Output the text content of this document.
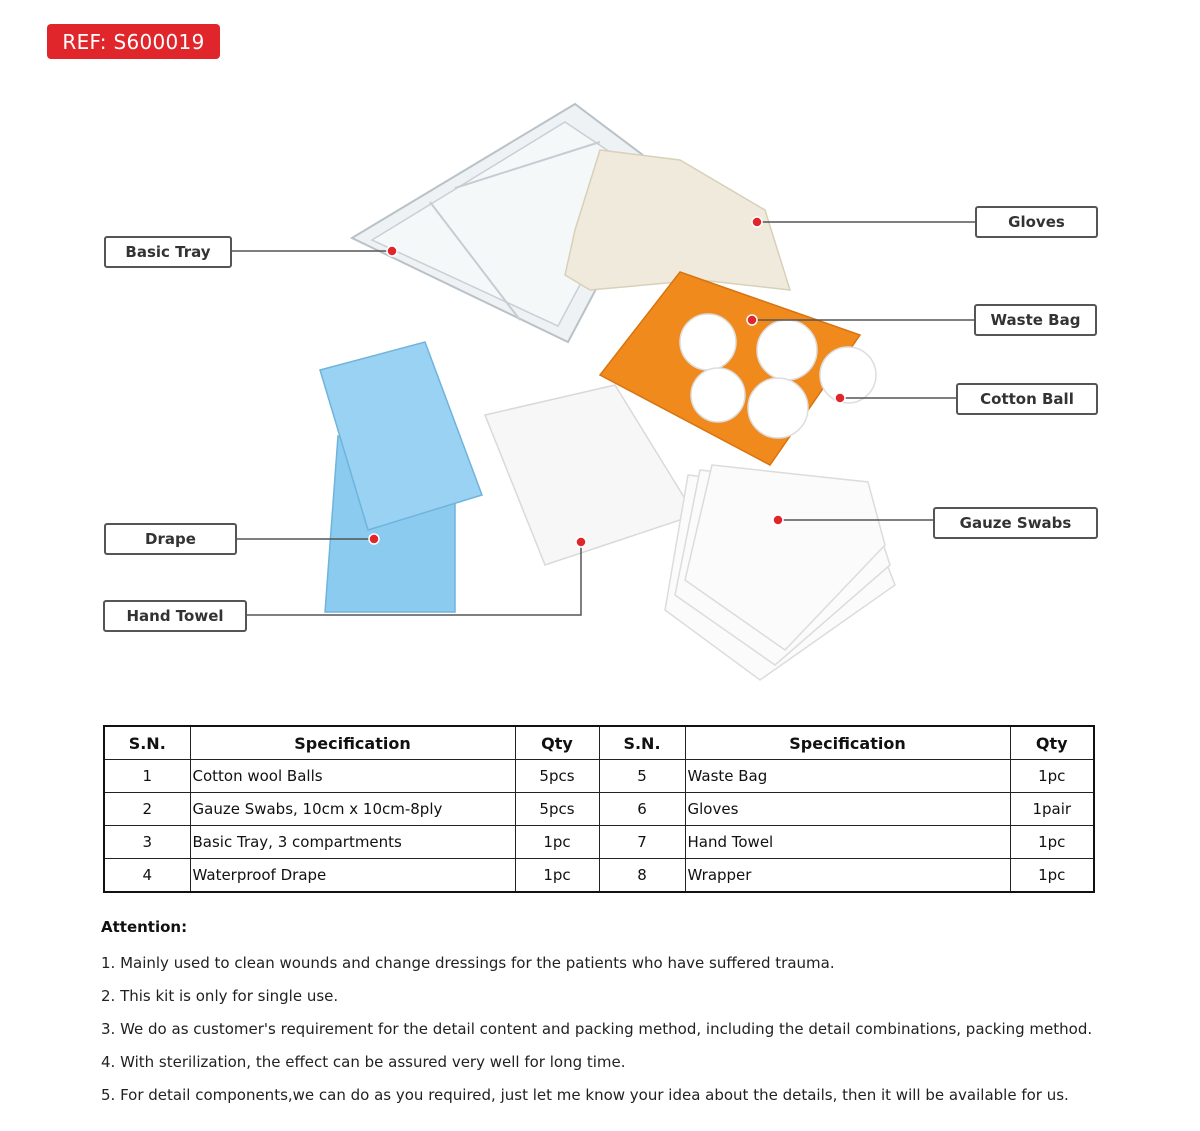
REF: S600019
Basic Tray
Drape
Hand Towel
Gloves
Waste Bag
Cotton Ball
Gauze Swabs
S.N.	Specification	Qty	S.N.	Specification	Qty
1	Cotton wool Balls	5pcs	5	Waste Bag	1pc
2	Gauze Swabs, 10cm x 10cm-8ply	5pcs	6	Gloves	1pair
3	Basic Tray, 3 compartments	1pc	7	Hand Towel	1pc
4	Waterproof Drape	1pc	8	Wrapper	1pc
Attention:

1. Mainly used to clean wounds and change dressings for the patients who have suffered trauma.

2. This kit is only for single use.

3. We do as customer's requirement for the detail content and packing method, including the detail combinations, packing method.

4. With sterilization, the effect can be assured very well for long time.

5. For detail components,we can do as you required, just let me know your idea about the details, then it will be available for us.
